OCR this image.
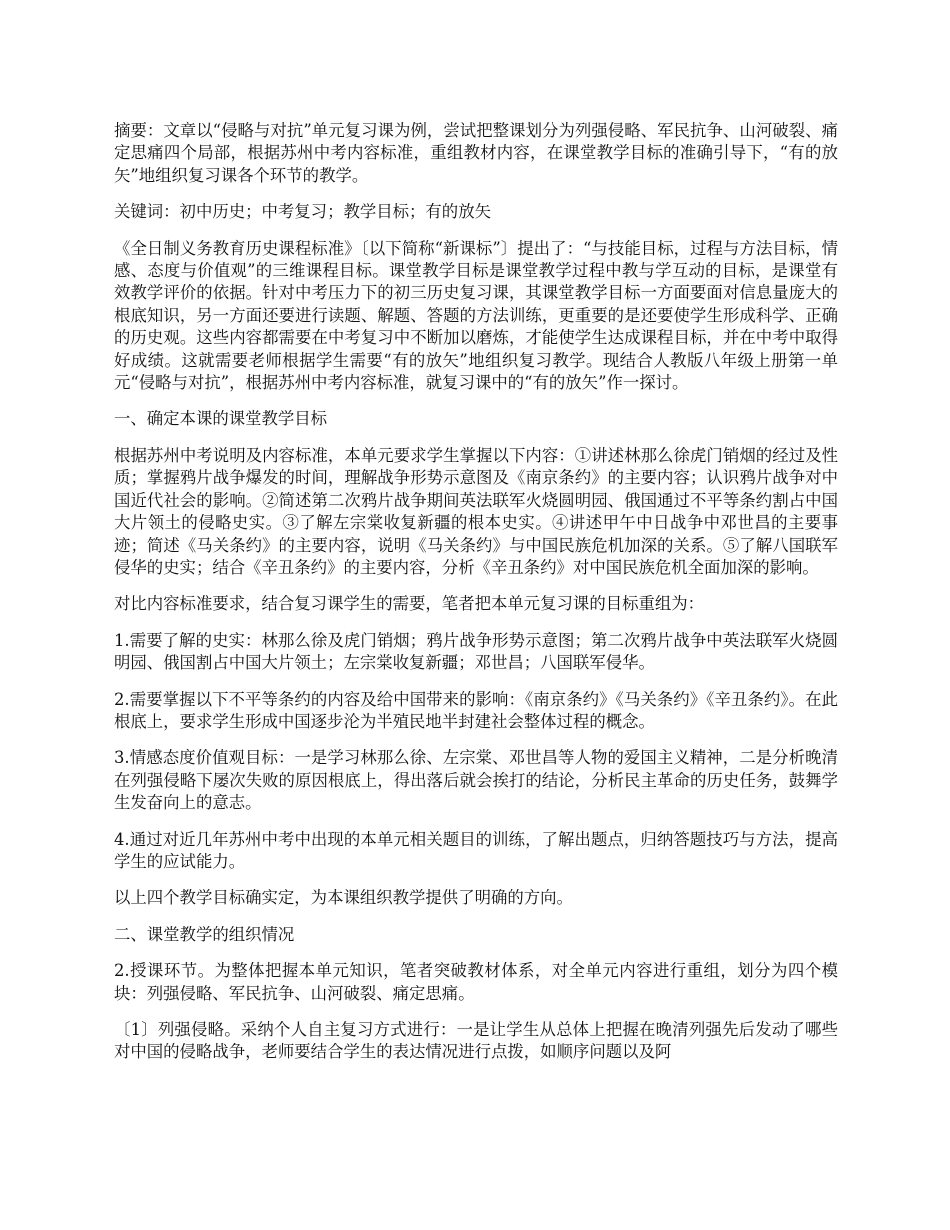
摘要：文章以“侵略与对抗”单元复习课为例，尝试把整课划分为列强侵略、军民抗争、山河破裂、痛定思痛四个局部，根据苏州中考内容标准，重组教材内容，在课堂教学目标的准确引导下，“有的放矢”地组织复习课各个环节的教学。

关键词：初中历史；中考复习；教学目标；有的放矢

《全日制义务教育历史课程标准》〔以下简称“新课标”〕提出了：“与技能目标，过程与方法目标，情感、态度与价值观”的三维课程目标。课堂教学目标是课堂教学过程中教与学互动的目标，是课堂有效教学评价的依据。针对中考压力下的初三历史复习课，其课堂教学目标一方面要面对信息量庞大的根底知识，另一方面还要进行读题、解题、答题的方法训练，更重要的是还要使学生形成科学、正确的历史观。这些内容都需要在中考复习中不断加以磨炼，才能使学生达成课程目标，并在中考中取得好成绩。这就需要老师根据学生需要“有的放矢”地组织复习教学。现结合人教版八年级上册第一单元“侵略与对抗”，根据苏州中考内容标准，就复习课中的“有的放矢”作一探讨。

一、确定本课的课堂教学目标

根据苏州中考说明及内容标准，本单元要求学生掌握以下内容：①讲述林那么徐虎门销烟的经过及性质；掌握鸦片战争爆发的时间，理解战争形势示意图及《南京条约》的主要内容；认识鸦片战争对中国近代社会的影响。②简述第二次鸦片战争期间英法联军火烧圆明园、俄国通过不平等条约割占中国大片领土的侵略史实。③了解左宗棠收复新疆的根本史实。④讲述甲午中日战争中邓世昌的主要事迹；简述《马关条约》的主要内容，说明《马关条约》与中国民族危机加深的关系。⑤了解八国联军侵华的史实；结合《辛丑条约》的主要内容，分析《辛丑条约》对中国民族危机全面加深的影响。

对比内容标准要求，结合复习课学生的需要，笔者把本单元复习课的目标重组为：

1.需要了解的史实：林那么徐及虎门销烟；鸦片战争形势示意图；第二次鸦片战争中英法联军火烧圆明园、俄国割占中国大片领土；左宗棠收复新疆；邓世昌；八国联军侵华。

2.需要掌握以下不平等条约的内容及给中国带来的影响：《南京条约》《马关条约》《辛丑条约》。在此根底上，要求学生形成中国逐步沦为半殖民地半封建社会整体过程的概念。

3.情感态度价值观目标：一是学习林那么徐、左宗棠、邓世昌等人物的爱国主义精神，二是分析晚清在列强侵略下屡次失败的原因根底上，得出落后就会挨打的结论，分析民主革命的历史任务，鼓舞学生发奋向上的意志。

4.通过对近几年苏州中考中出现的本单元相关题目的训练，了解出题点，归纳答题技巧与方法，提高学生的应试能力。

以上四个教学目标确实定，为本课组织教学提供了明确的方向。

二、课堂教学的组织情况

2.授课环节。为整体把握本单元知识，笔者突破教材体系，对全单元内容进行重组，划分为四个模块：列强侵略、军民抗争、山河破裂、痛定思痛。

〔1〕列强侵略。采纳个人自主复习方式进行：一是让学生从总体上把握在晚清列强先后发动了哪些对中国的侵略战争，老师要结合学生的表达情况进行点拨，如顺序问题以及阿
